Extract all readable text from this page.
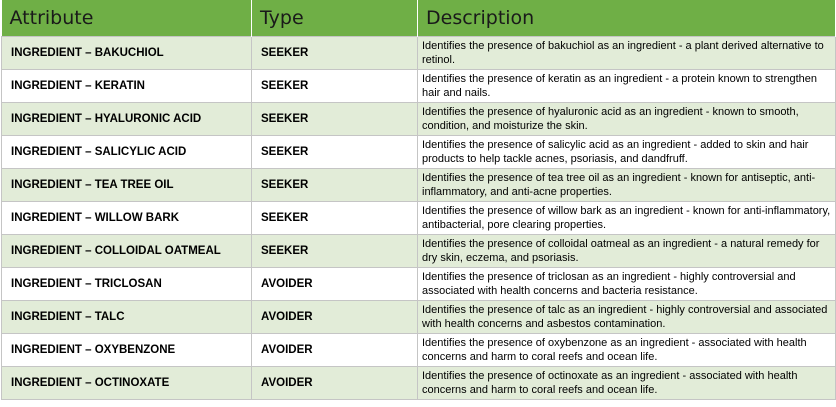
Attribute	Type	Description
INGREDIENT – BAKUCHIOL	SEEKER	Identifies the presence of bakuchiol as an ingredient - a plant derived alternative to retinol.
INGREDIENT – KERATIN	SEEKER	Identifies the presence of keratin as an ingredient - a protein known to strengthen hair and nails.
INGREDIENT – HYALURONIC ACID	SEEKER	Identifies the presence of hyaluronic acid as an ingredient - known to smooth, condition, and moisturize the skin.
INGREDIENT – SALICYLIC ACID	SEEKER	Identifies the presence of salicylic acid as an ingredient - added to skin and hair products to help tackle acnes, psoriasis, and dandfruff.
INGREDIENT – TEA TREE OIL	SEEKER	Identifies the presence of tea tree oil as an ingredient - known for antiseptic, anti-inflammatory, and anti-acne properties.
INGREDIENT – WILLOW BARK	SEEKER	Identifies the presence of willow bark as an ingredient - known for anti-inflammatory, antibacterial, pore clearing properties.
INGREDIENT – COLLOIDAL OATMEAL	SEEKER	Identifies the presence of colloidal oatmeal as an ingredient - a natural remedy for dry skin, eczema, and psoriasis.
INGREDIENT – TRICLOSAN	AVOIDER	Identifies the presence of triclosan as an ingredient - highly controversial and associated with health concerns and bacteria resistance.
INGREDIENT – TALC	AVOIDER	Identifies the presence of talc as an ingredient - highly controversial and associated with health concerns and asbestos contamination.
INGREDIENT – OXYBENZONE	AVOIDER	Identifies the presence of oxybenzone as an ingredient - associated with health concerns and harm to coral reefs and ocean life.
INGREDIENT – OCTINOXATE	AVOIDER	Identifies the presence of octinoxate as an ingredient - associated with health concerns and harm to coral reefs and ocean life.
